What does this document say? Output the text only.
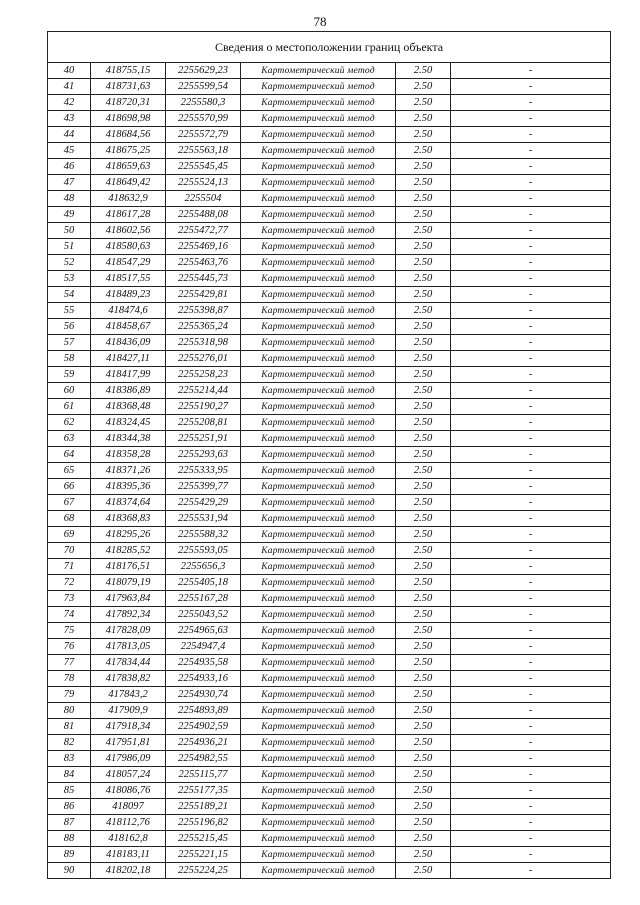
78
Сведения о местоположении границ объекта					
40	418755,15	2255629,23	Картометрический метод	2.50	-
41	418731,63	2255599,54	Картометрический метод	2.50	-
42	418720,31	2255580,3	Картометрический метод	2.50	-
43	418698,98	2255570,99	Картометрический метод	2.50	-
44	418684,56	2255572,79	Картометрический метод	2.50	-
45	418675,25	2255563,18	Картометрический метод	2.50	-
46	418659,63	2255545,45	Картометрический метод	2.50	-
47	418649,42	2255524,13	Картометрический метод	2.50	-
48	418632,9	2255504	Картометрический метод	2.50	-
49	418617,28	2255488,08	Картометрический метод	2.50	-
50	418602,56	2255472,77	Картометрический метод	2.50	-
51	418580,63	2255469,16	Картометрический метод	2.50	-
52	418547,29	2255463,76	Картометрический метод	2.50	-
53	418517,55	2255445,73	Картометрический метод	2.50	-
54	418489,23	2255429,81	Картометрический метод	2.50	-
55	418474,6	2255398,87	Картометрический метод	2.50	-
56	418458,67	2255365,24	Картометрический метод	2.50	-
57	418436,09	2255318,98	Картометрический метод	2.50	-
58	418427,11	2255276,01	Картометрический метод	2.50	-
59	418417,99	2255258,23	Картометрический метод	2.50	-
60	418386,89	2255214,44	Картометрический метод	2.50	-
61	418368,48	2255190,27	Картометрический метод	2.50	-
62	418324,45	2255208,81	Картометрический метод	2.50	-
63	418344,38	2255251,91	Картометрический метод	2.50	-
64	418358,28	2255293,63	Картометрический метод	2.50	-
65	418371,26	2255333,95	Картометрический метод	2.50	-
66	418395,36	2255399,77	Картометрический метод	2.50	-
67	418374,64	2255429,29	Картометрический метод	2.50	-
68	418368,83	2255531,94	Картометрический метод	2.50	-
69	418295,26	2255588,32	Картометрический метод	2.50	-
70	418285,52	2255593,05	Картометрический метод	2.50	-
71	418176,51	2255656,3	Картометрический метод	2.50	-
72	418079,19	2255405,18	Картометрический метод	2.50	-
73	417963,84	2255167,28	Картометрический метод	2.50	-
74	417892,34	2255043,52	Картометрический метод	2.50	-
75	417828,09	2254965,63	Картометрический метод	2.50	-
76	417813,05	2254947,4	Картометрический метод	2.50	-
77	417834,44	2254935,58	Картометрический метод	2.50	-
78	417838,82	2254933,16	Картометрический метод	2.50	-
79	417843,2	2254930,74	Картометрический метод	2.50	-
80	417909,9	2254893,89	Картометрический метод	2.50	-
81	417918,34	2254902,59	Картометрический метод	2.50	-
82	417951,81	2254936,21	Картометрический метод	2.50	-
83	417986,09	2254982,55	Картометрический метод	2.50	-
84	418057,24	2255115,77	Картометрический метод	2.50	-
85	418086,76	2255177,35	Картометрический метод	2.50	-
86	418097	2255189,21	Картометрический метод	2.50	-
87	418112,76	2255196,82	Картометрический метод	2.50	-
88	418162,8	2255215,45	Картометрический метод	2.50	-
89	418183,11	2255221,15	Картометрический метод	2.50	-
90	418202,18	2255224,25	Картометрический метод	2.50	-
